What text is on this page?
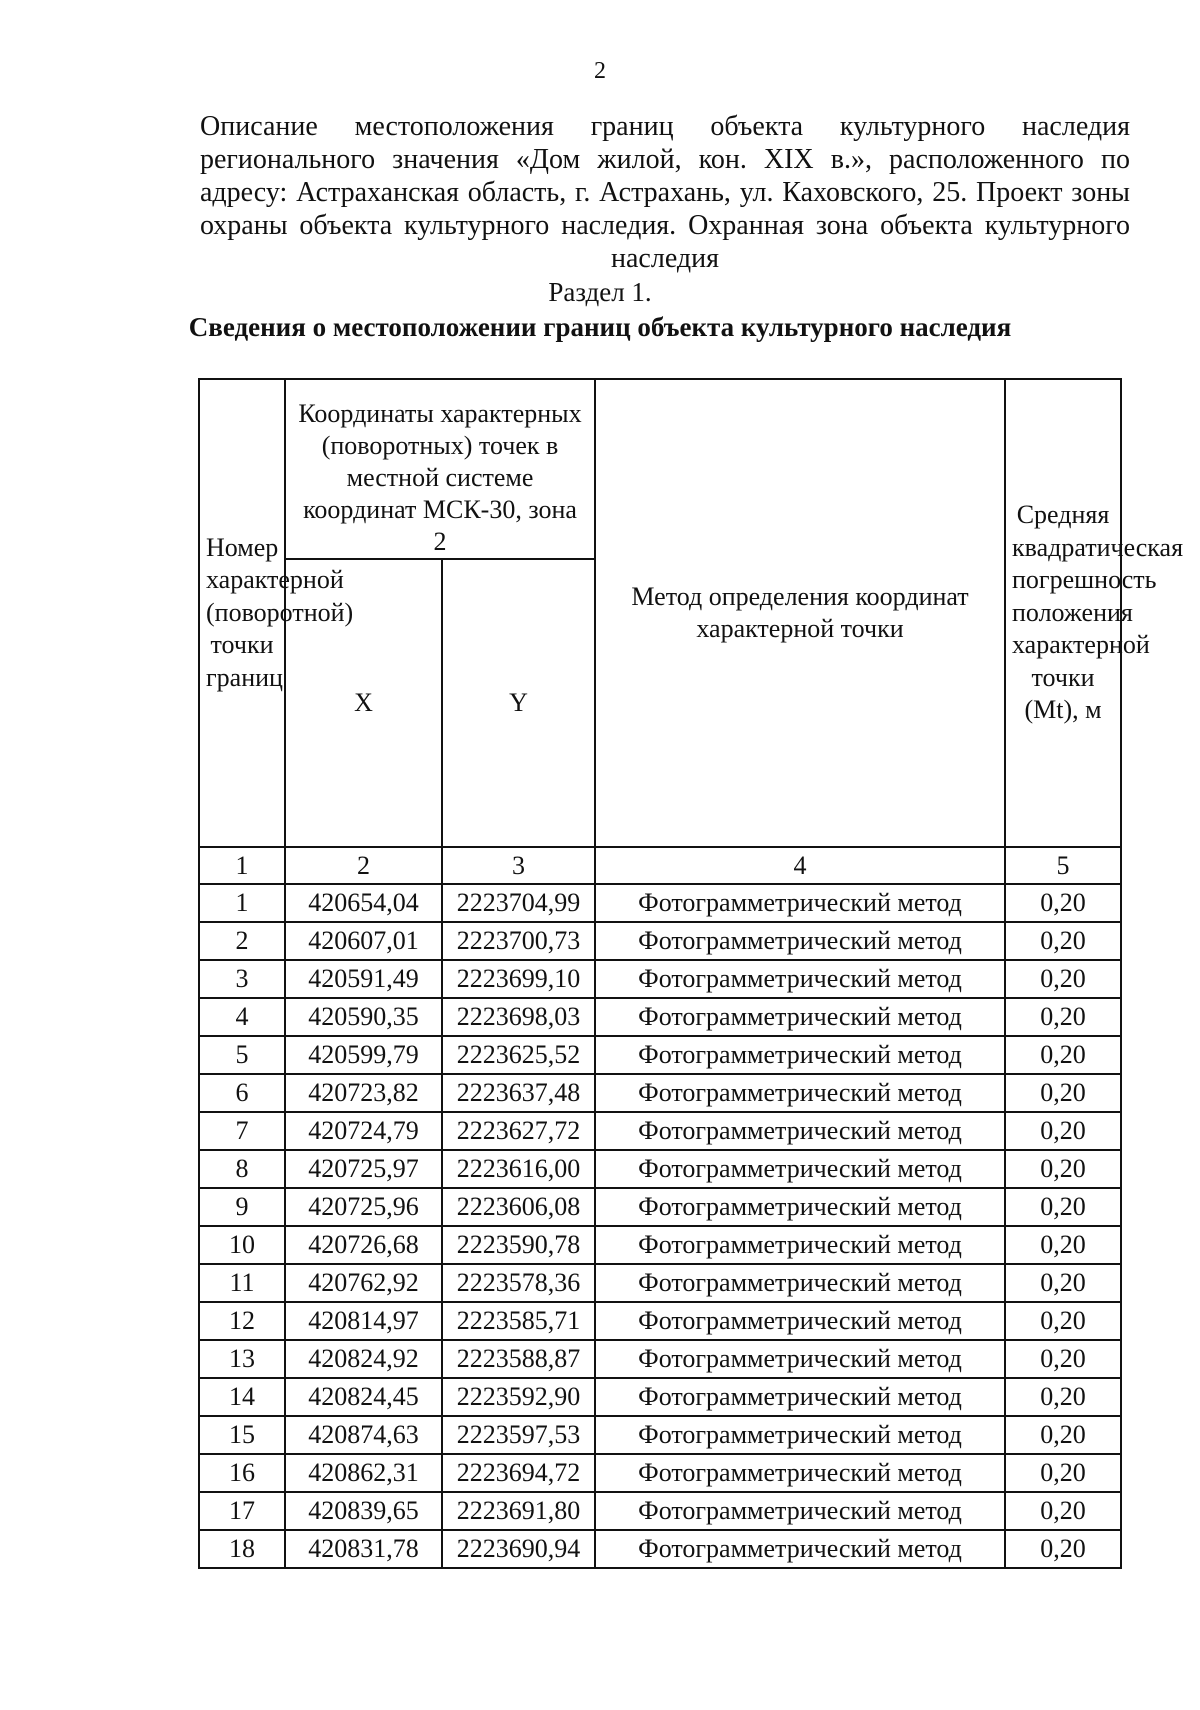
2
Описание местоположения границ объекта культурного наследия регионального значения «Дом жилой, кон. XIX в.», расположенного по адресу: Астраханская область, г. Астрахань, ул. Каховского, 25. Проект зоны охраны объекта культурного наследия. Охранная зона объекта культурного наследия
Раздел 1.
Сведения о местоположении границ объекта культурного наследия
Номер характерной (поворотной) точки границ	Координаты характерных (поворотных) точек в местной системе координат МСК-30, зона 2		Метод определения координат характерной точки	Средняя квадратическая погрешность положения характерной точки (Mt), м

	X	Y		
1	2	3	4	5
1	420654,04	2223704,99	Фотограмметрический метод	0,20
2	420607,01	2223700,73	Фотограмметрический метод	0,20
3	420591,49	2223699,10	Фотограмметрический метод	0,20
4	420590,35	2223698,03	Фотограмметрический метод	0,20
5	420599,79	2223625,52	Фотограмметрический метод	0,20
6	420723,82	2223637,48	Фотограмметрический метод	0,20
7	420724,79	2223627,72	Фотограмметрический метод	0,20
8	420725,97	2223616,00	Фотограмметрический метод	0,20
9	420725,96	2223606,08	Фотограмметрический метод	0,20
10	420726,68	2223590,78	Фотограмметрический метод	0,20
11	420762,92	2223578,36	Фотограмметрический метод	0,20
12	420814,97	2223585,71	Фотограмметрический метод	0,20
13	420824,92	2223588,87	Фотограмметрический метод	0,20
14	420824,45	2223592,90	Фотограмметрический метод	0,20
15	420874,63	2223597,53	Фотограмметрический метод	0,20
16	420862,31	2223694,72	Фотограмметрический метод	0,20
17	420839,65	2223691,80	Фотограмметрический метод	0,20
18	420831,78	2223690,94	Фотограмметрический метод	0,20
